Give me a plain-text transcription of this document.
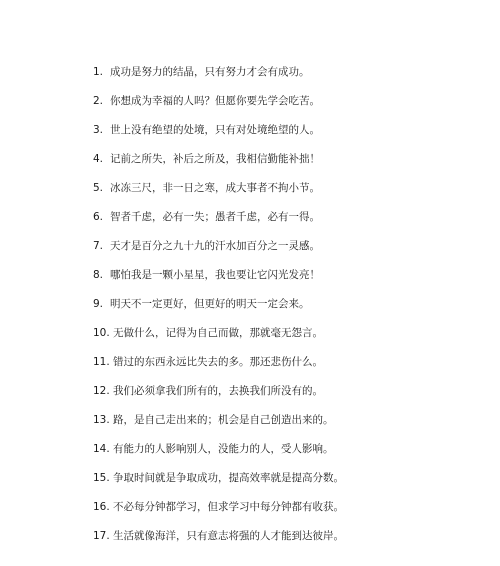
1. 成功是努力的结晶，只有努力才会有成功。
2. 你想成为幸福的人吗？但愿你要先学会吃苦。
3. 世上没有绝望的处境，只有对处境绝望的人。
4. 记前之所失，补后之所及，我相信勤能补拙！
5. 冰冻三尺，非一日之寒，成大事者不拘小节。
6. 智者千虑，必有一失；愚者千虑，必有一得。
7. 天才是百分之九十九的汗水加百分之一灵感。
8. 哪怕我是一颗小星星，我也要让它闪光发亮！
9. 明天不一定更好，但更好的明天一定会来。
10. 无做什么，记得为自己而做，那就毫无怨言。
11. 错过的东西永远比失去的多。那还悲伤什么。
12. 我们必须拿我们所有的，去换我们所没有的。
13. 路，是自己走出来的；机会是自己创造出来的。
14. 有能力的人影响别人，没能力的人，受人影响。
15. 争取时间就是争取成功，提高效率就是提高分数。
16. 不必每分钟都学习，但求学习中每分钟都有收获。
17. 生活就像海洋，只有意志将强的人才能到达彼岸。
